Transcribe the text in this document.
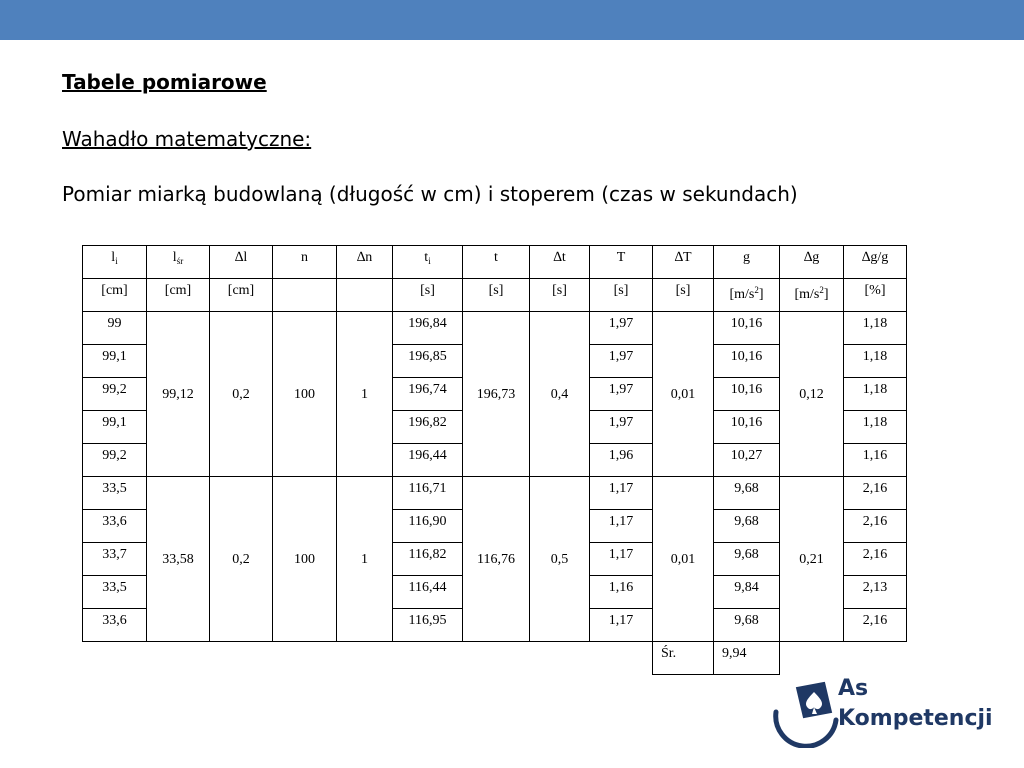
Tabele pomiarowe
Wahadło matematyczne:
Pomiar miarką budowlaną (długość w cm) i stoperem (czas w sekundach)
$l_i$	$l_{śr}$	∆l	n	∆n	$t_i$	t	∆t	T	∆T	g	∆g	∆g/g
[cm]	[cm]	[cm]			[s]	[s]	[s]	[s]	[s]	$[m/s^2]$	$[m/s^2]$	[%]
99	99,12	0,2	100	1	196,84	196,73	0,4	1,97	0,01	10,16	0,12	1,18
99,1					196,85			1,97		10,16		1,18
99,2					196,74			1,97		10,16		1,18
99,1					196,82			1,97		10,16		1,18
99,2					196,44			1,96		10,27		1,16
33,5	33,58	0,2	100	1	116,71	116,76	0,5	1,17	0,01	9,68	0,21	2,16
33,6					116,90			1,17		9,68		2,16
33,7					116,82			1,17		9,68		2,16
33,5					116,44			1,16		9,84		2,13
33,6					116,95			1,17		9,68		2,16
									Śr.	9,94		
As
Kompetencji
